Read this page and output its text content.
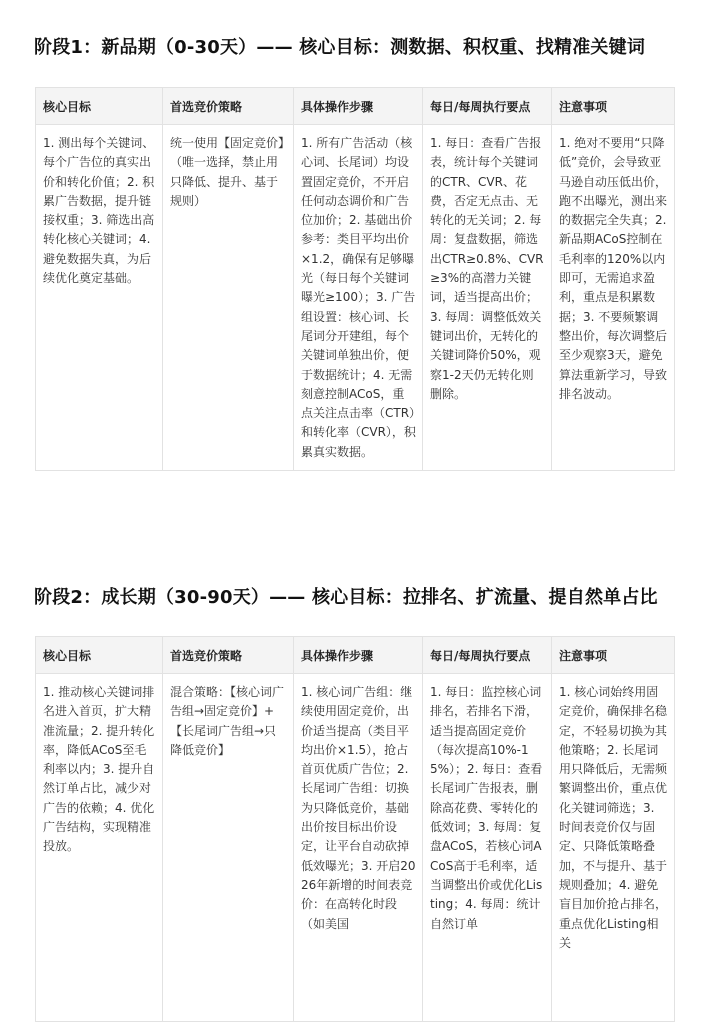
阶段1：新品期（0-30天）—— 核心目标：测数据、积权重、找精准关键词
核心目标	首选竞价策略	具体操作步骤	每日/每周执行要点	注意事项
1. 测出每个关键词、每个广告位的真实出价和转化价值；2. 积累广告数据，提升链接权重；3. 筛选出高转化核心关键词；4. 避免数据失真，为后续优化奠定基础。	统一使用【固定竞价】（唯一选择，禁止用只降低、提升、基于规则）	1. 所有广告活动（核心词、长尾词）均设置固定竞价，不开启任何动态调价和广告位加价；2. 基础出价参考：类目平均出价×1.2，确保有足够曝光（每日每个关键词曝光≥100）；3. 广告组设置：核心词、长尾词分开建组，每个关键词单独出价，便于数据统计；4. 无需刻意控制ACoS，重点关注点击率（CTR）和转化率（CVR），积累真实数据。	1. 每日：查看广告报表，统计每个关键词的CTR、CVR、花费，否定无点击、无转化的无关词；2. 每周：复盘数据，筛选出CTR≥0.8%、CVR≥3%的高潜力关键词，适当提高出价；3. 每周：调整低效关键词出价，无转化的关键词降价50%，观察1-2天仍无转化则删除。	1. 绝对不要用“只降低”竞价，会导致亚马逊自动压低出价，跑不出曝光，测出来的数据完全失真；2. 新品期ACoS控制在毛利率的120%以内即可，无需追求盈利，重点是积累数据；3. 不要频繁调整出价，每次调整后至少观察3天，避免算法重新学习，导致排名波动。
阶段2：成长期（30-90天）—— 核心目标：拉排名、扩流量、提自然单占比
核心目标	首选竞价策略	具体操作步骤	每日/每周执行要点	注意事项
1. 推动核心关键词排名进入首页，扩大精准流量；2. 提升转化率，降低ACoS至毛利率以内；3. 提升自然订单占比，减少对广告的依赖；4. 优化广告结构，实现精准投放。	混合策略：【核心词广告组→固定竞价】+【长尾词广告组→只降低竞价】	1. 核心词广告组：继续使用固定竞价，出价适当提高（类目平均出价×1.5），抢占首页优质广告位；2. 长尾词广告组：切换为只降低竞价，基础出价按目标出价设定，让平台自动砍掉低效曝光；3. 开启2026年新增的时间表竞价：在高转化时段（如美国	1. 每日：监控核心词排名，若排名下滑，适当提高固定竞价（每次提高10%-15%）；2. 每日：查看长尾词广告报表，删除高花费、零转化的低效词；3. 每周：复盘ACoS，若核心词ACoS高于毛利率，适当调整出价或优化Listing；4. 每周：统计自然订单	1. 核心词始终用固定竞价，确保排名稳定，不轻易切换为其他策略；2. 长尾词用只降低后，无需频繁调整出价，重点优化关键词筛选；3. 时间表竞价仅与固定、只降低策略叠加，不与提升、基于规则叠加；4. 避免盲目加价抢占排名，重点优化Listing相关
